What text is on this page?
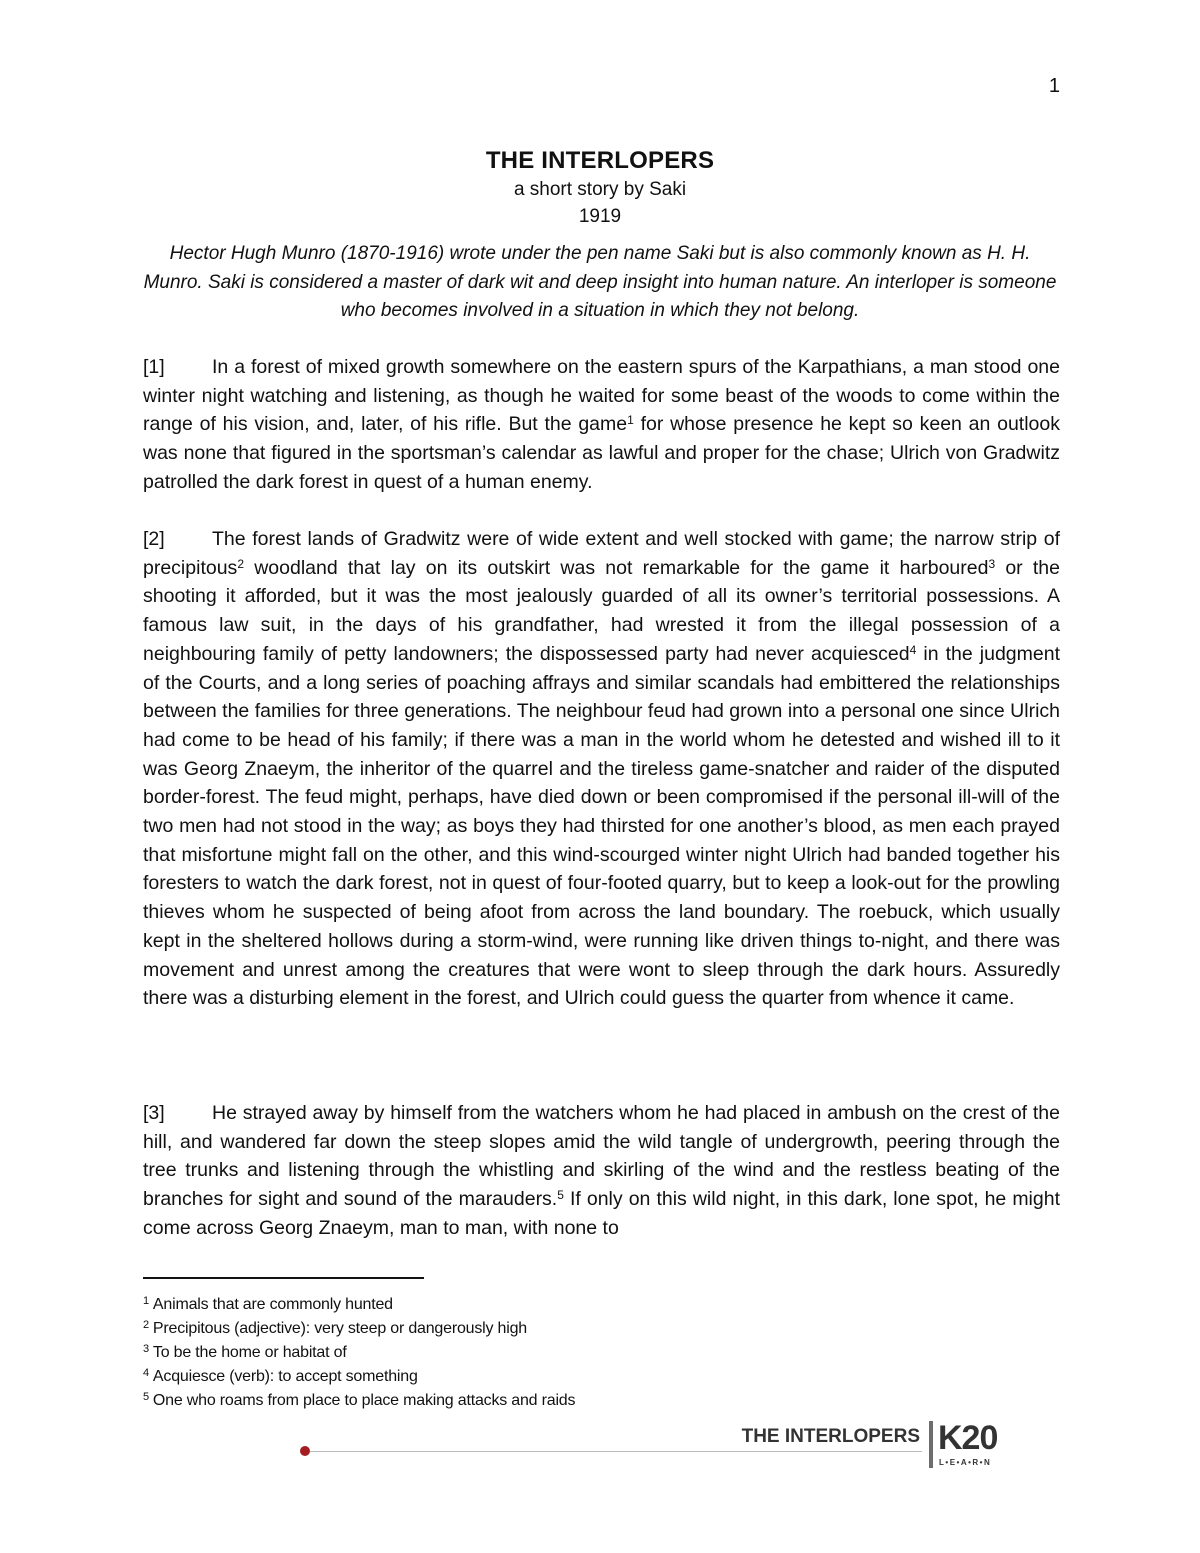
1
THE INTERLOPERS
a short story by Saki
1919
Hector Hugh Munro (1870-1916) wrote under the pen name Saki but is also commonly known as H. H. Munro. Saki is considered a master of dark wit and deep insight into human nature. An interloper is someone who becomes involved in a situation in which they not belong.

[1] In a forest of mixed growth somewhere on the eastern spurs of the Karpathians, a man stood one winter night watching and listening, as though he waited for some beast of the woods to come within the range of his vision, and, later, of his rifle. But the game$^1$ for whose presence he kept so keen an outlook was none that figured in the sportsman’s calendar as lawful and proper for the chase; Ulrich von Gradwitz patrolled the dark forest in quest of a human enemy.

[2] The forest lands of Gradwitz were of wide extent and well stocked with game; the narrow strip of precipitous$^2$ woodland that lay on its outskirt was not remarkable for the game it harboured$^3$ or the shooting it afforded, but it was the most jealously guarded of all its owner’s territorial possessions. A famous law suit, in the days of his grandfather, had wrested it from the illegal possession of a neighbouring family of petty landowners; the dispossessed party had never acquiesced$^4$ in the judgment of the Courts, and a long series of poaching affrays and similar scandals had embittered the relationships between the families for three generations. The neighbour feud had grown into a personal one since Ulrich had come to be head of his family; if there was a man in the world whom he detested and wished ill to it was Georg Znaeym, the inheritor of the quarrel and the tireless game-snatcher and raider of the disputed border-forest. The feud might, perhaps, have died down or been compromised if the personal ill-will of the two men had not stood in the way; as boys they had thirsted for one another’s blood, as men each prayed that misfortune might fall on the other, and this wind-scourged winter night Ulrich had banded together his foresters to watch the dark forest, not in quest of four-footed quarry, but to keep a look-out for the prowling thieves whom he suspected of being afoot from across the land boundary. The roebuck, which usually kept in the sheltered hollows during a storm-wind, were running like driven things to-night, and there was movement and unrest among the creatures that were wont to sleep through the dark hours. Assuredly there was a disturbing element in the forest, and Ulrich could guess the quarter from whence it came.

[3] He strayed away by himself from the watchers whom he had placed in ambush on the crest of the hill, and wandered far down the steep slopes amid the wild tangle of undergrowth, peering through the tree trunks and listening through the whistling and skirling of the wind and the restless beating of the branches for sight and sound of the marauders.$^5$ If only on this wild night, in this dark, lone spot, he might come across Georg Znaeym, man to man, with none to

$^1$ Animals that are commonly hunted
$^2$ Precipitous (adjective): very steep or dangerously high
$^3$ To be the home or habitat of
$^4$ Acquiesce (verb): to accept something
$^5$ One who roams from place to place making attacks and raids
THE INTERLOPERS K20
L•E•A•R•N
